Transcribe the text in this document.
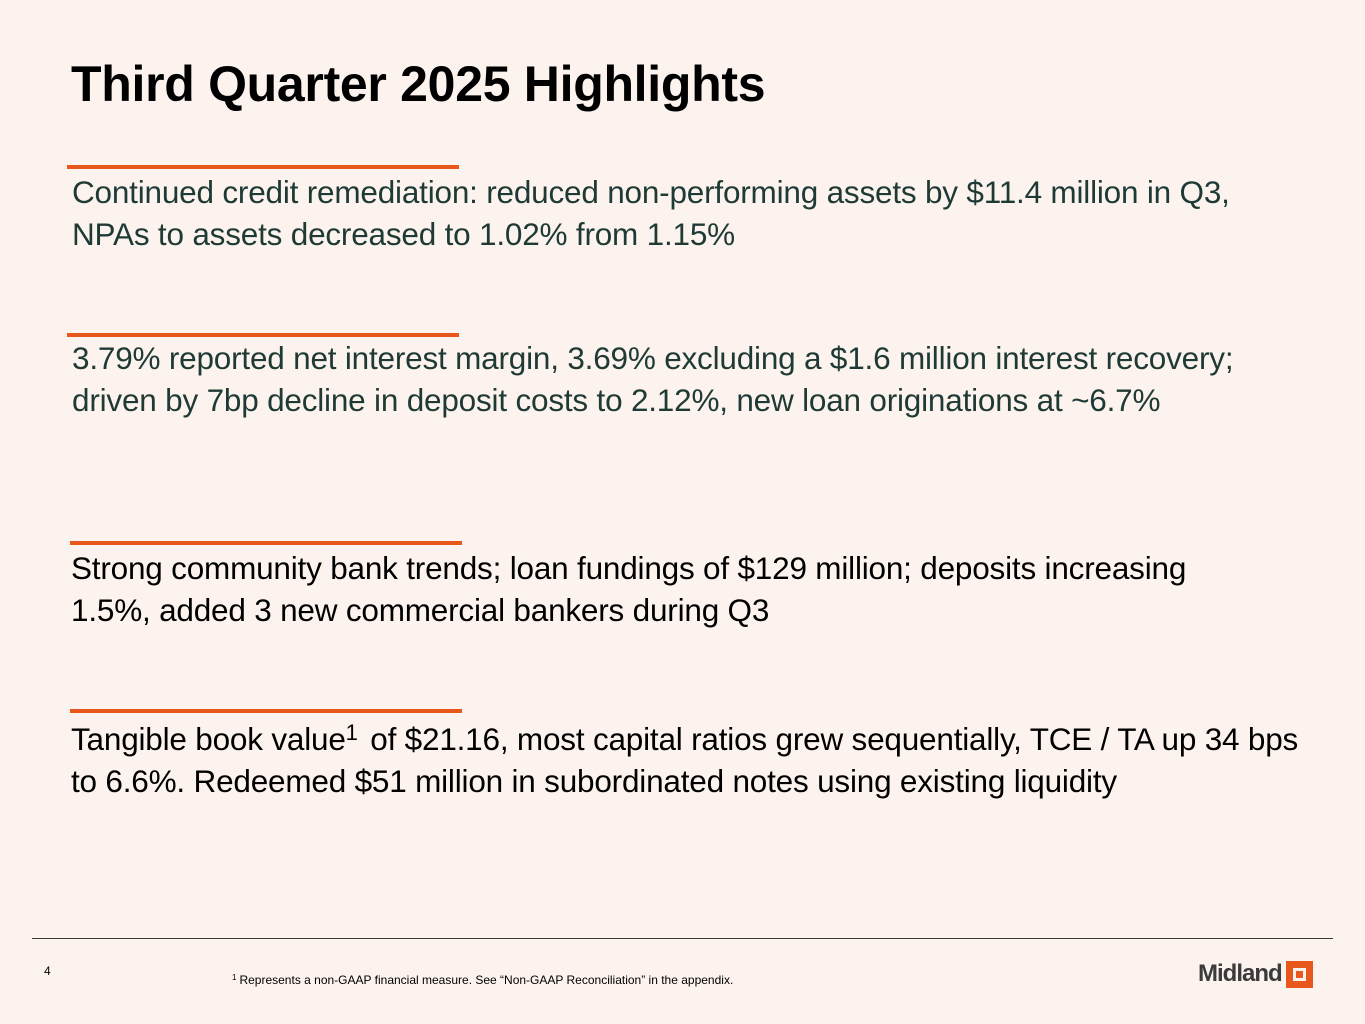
Third Quarter 2025 Highlights

Continued credit remediation: reduced non-performing assets by $11.4 million in Q3, NPAs to assets decreased to 1.02% from 1.15%

3.79% reported net interest margin, 3.69% excluding a $1.6 million interest recovery; driven by 7bp decline in deposit costs to 2.12%, new loan originations at ~6.7%

Strong community bank trends; loan fundings of $129 million; deposits increasing 1.5%, added 3 new commercial bankers during Q3

Tangible book value$^1$ of $21.16, most capital ratios grew sequentially, TCE / TA up 34 bps to 6.6%. Redeemed $51 million in subordinated notes using existing liquidity

4	$^1$ Represents a non-GAAP financial measure. See “Non-GAAP Reconciliation” in the appendix.	Midland
